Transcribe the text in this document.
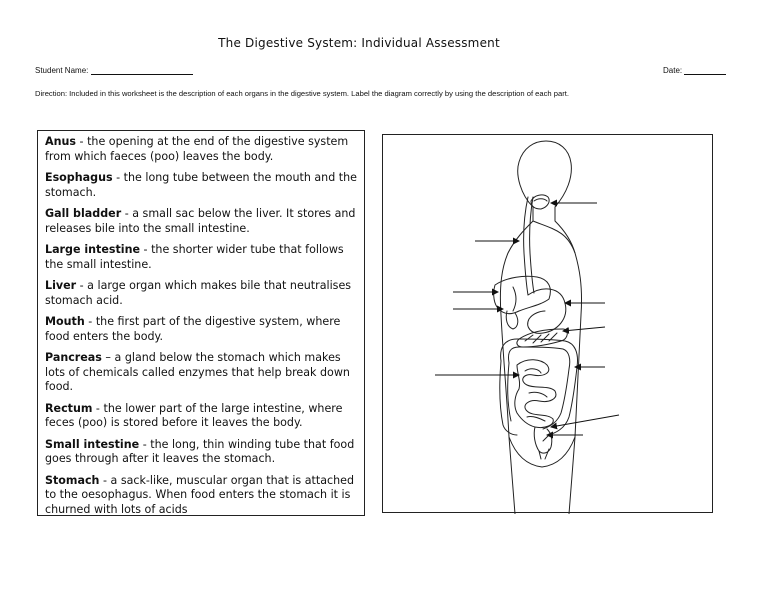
The Digestive System: Individual Assessment
Student Name:	Date:
Direction: Included in this worksheet is the description of each organs in the digestive system. Label the diagram correctly by using the description of each part.
Anus - the opening at the end of the digestive system from which faeces (poo) leaves the body.
Esophagus - the long tube between the mouth and the stomach.
Gall bladder - a small sac below the liver. It stores and releases bile into the small intestine.
Large intestine - the shorter wider tube that follows the small intestine.
Liver - a large organ which makes bile that neutralises stomach acid.
Mouth - the first part of the digestive system, where food enters the body.
Pancreas – a gland below the stomach which makes lots of chemicals called enzymes that help break down food.
Rectum - the lower part of the large intestine, where feces (poo) is stored before it leaves the body.
Small intestine - the long, thin winding tube that food goes through after it leaves the stomach.
Stomach - a sack-like, muscular organ that is attached to the oesophagus. When food enters the stomach it is churned with lots of acids
